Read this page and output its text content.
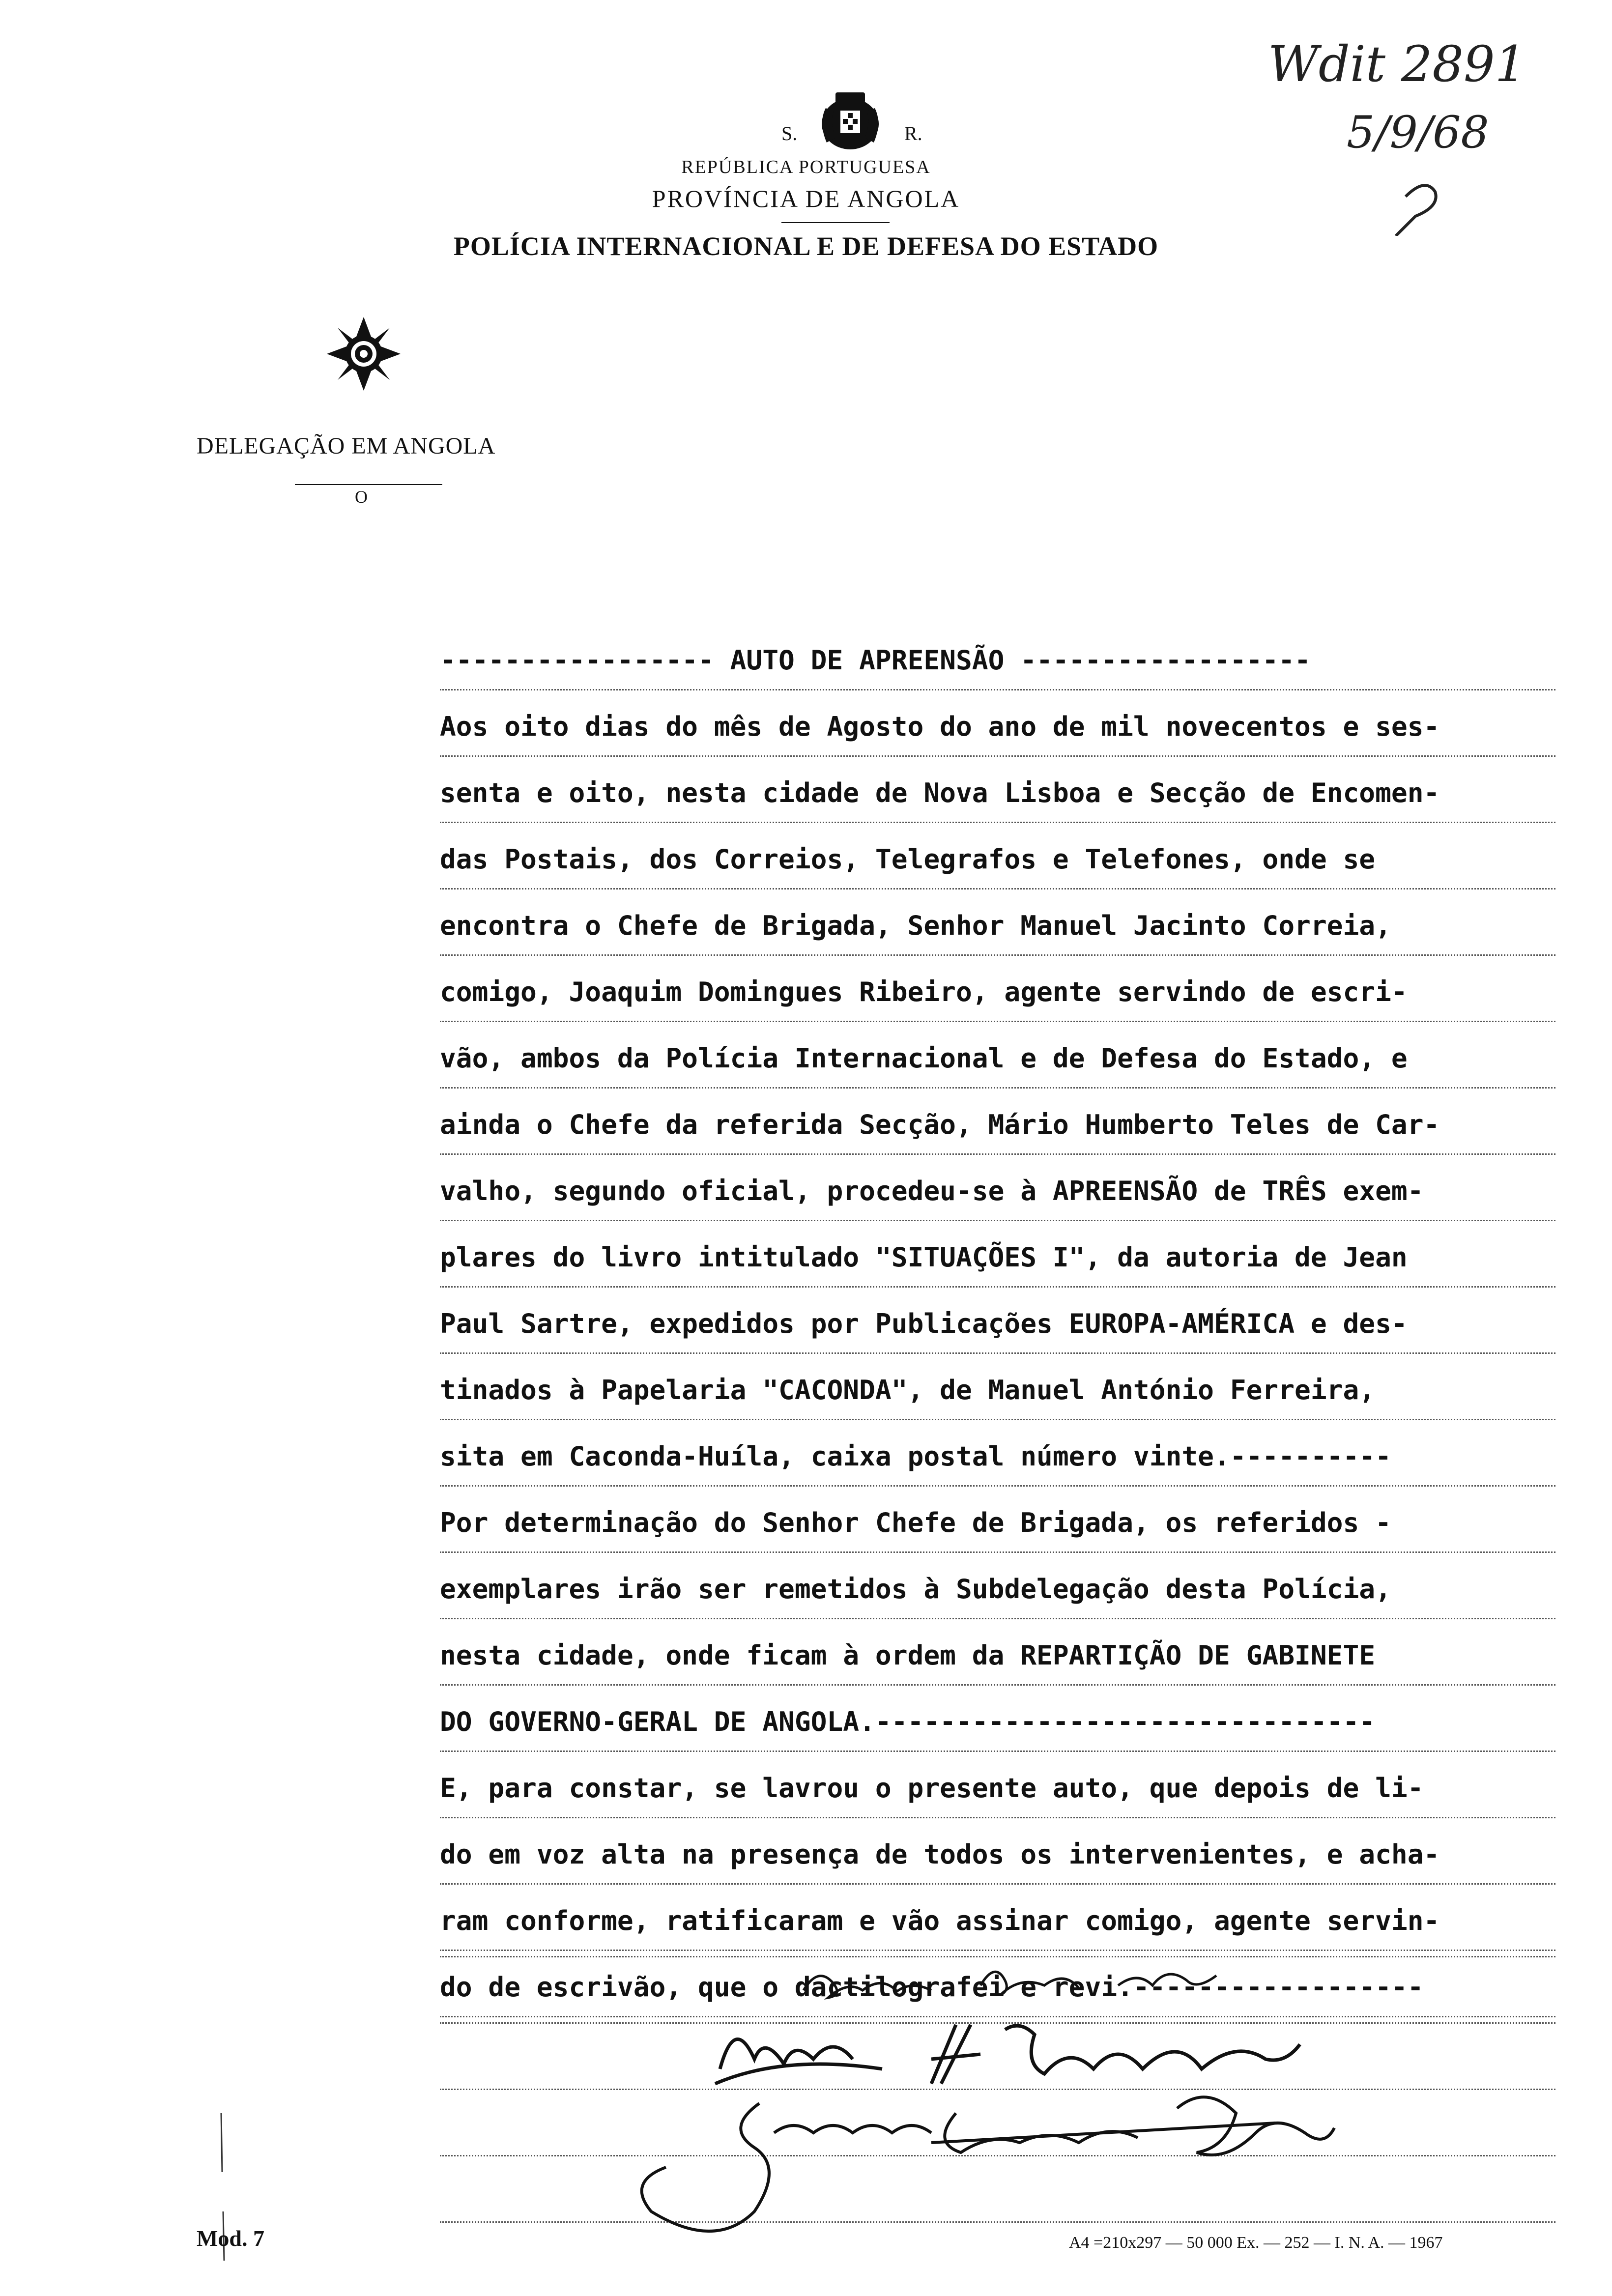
S.	R.
REPÚBLICA PORTUGUESA
PROVÍNCIA DE ANGOLA
POLÍCIA INTERNACIONAL E DE DEFESA DO ESTADO
DELEGAÇÃO EM ANGOLA
O
Wdit 2891
5/9/68
----------------- AUTO DE APREENSÃO ------------------
Aos oito dias do mês de Agosto do ano de mil novecentos e ses-
senta e oito, nesta cidade de Nova Lisboa e Secção de Encomen-
das Postais, dos Correios, Telegrafos e Telefones, onde se
encontra o Chefe de Brigada, Senhor Manuel Jacinto Correia,
comigo, Joaquim Domingues Ribeiro, agente servindo de escri-
vão, ambos da Polícia Internacional e de Defesa do Estado, e
ainda o Chefe da referida Secção, Mário Humberto Teles de Car-
valho, segundo oficial, procedeu-se à APREENSÃO de TRÊS exem-
plares do livro intitulado "SITUAÇÕES I", da autoria de Jean
Paul Sartre, expedidos por Publicações EUROPA-AMÉRICA e des-
tinados à Papelaria "CACONDA", de Manuel António Ferreira,
sita em Caconda-Huíla, caixa postal número vinte.----------
Por determinação do Senhor Chefe de Brigada, os referidos -
exemplares irão ser remetidos à Subdelegação desta Polícia,
nesta cidade, onde ficam à ordem da REPARTIÇÃO DE GABINETE
DO GOVERNO-GERAL DE ANGOLA.-------------------------------
E, para constar, se lavrou o presente auto, que depois de li-
do em voz alta na presença de todos os intervenientes, e acha-
ram conforme, ratificaram e vão assinar comigo, agente servin-
do de escrivão, que o dactilografei e revi.------------------
Mod. 7	A4 =210x297 — 50 000 Ex. — 252 — I. N. A. — 1967
